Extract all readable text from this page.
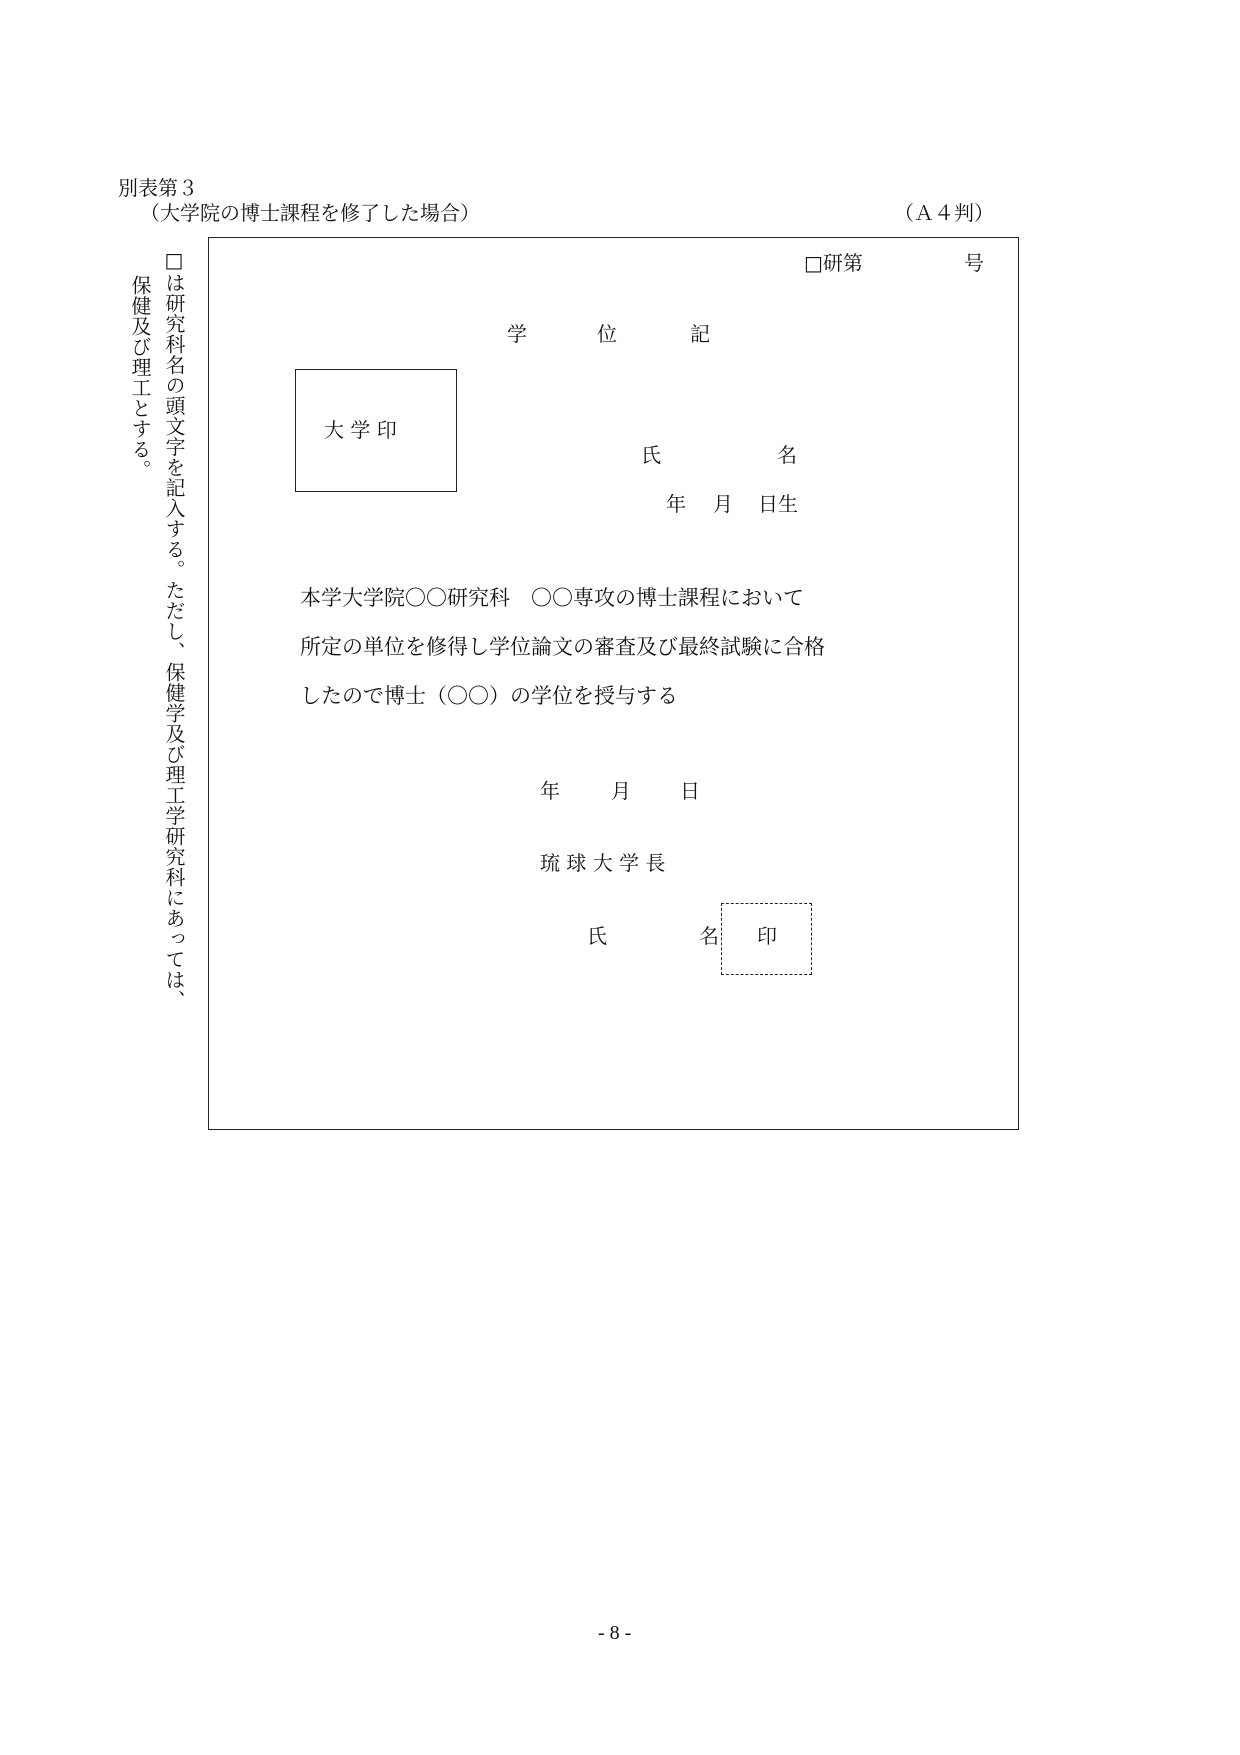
別表第３
（大学院の博士課程を修了した場合）	（Ａ４判）
□は研究科名の頭文字を記入する。ただし、保健学及び理工学研究科にあっては、
保健及び理工とする。
□研第	号
学	位	記
大 学 印
氏	名
年 月 日生
本学大学院〇〇研究科　〇〇専攻の博士課程において
所定の単位を修得し学位論文の審査及び最終試験に合格
したので博士（〇〇）の学位を授与する
年	月 日
琉 球 大 学 長
氏	名 印
- 8 -
